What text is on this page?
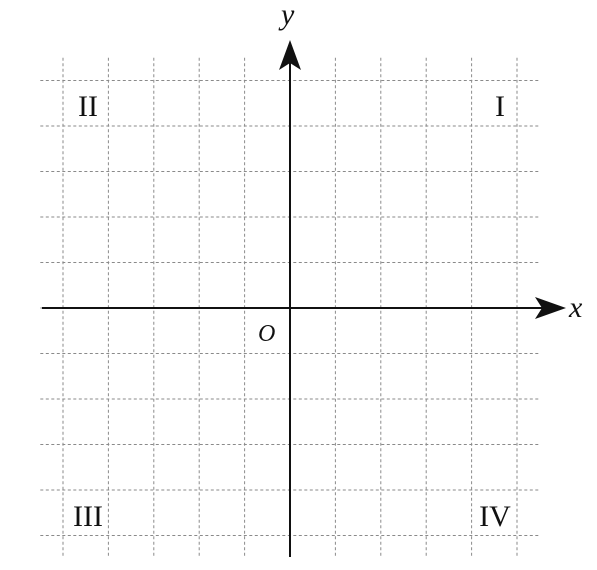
x
y
O
I
II
III	IV
